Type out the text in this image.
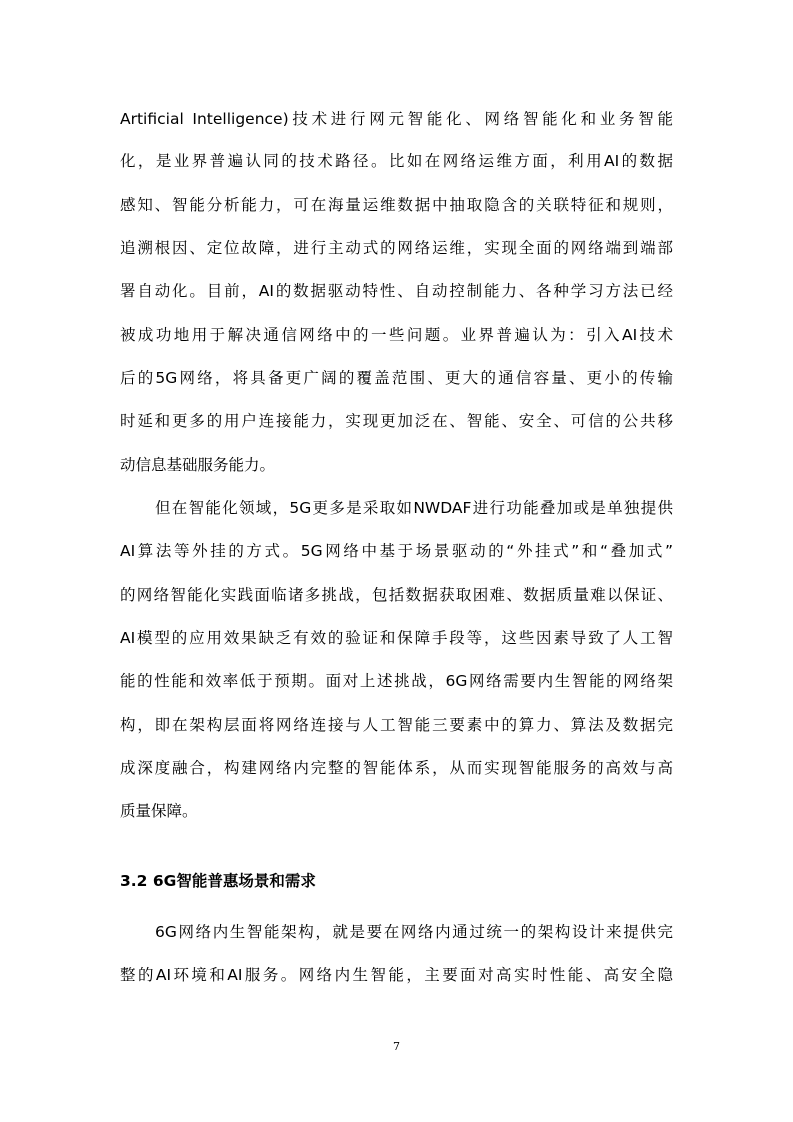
Artificial Intelligence)技术进行网元智能化、网络智能化和业务智能
化，是业界普遍认同的技术路径。比如在网络运维方面，利用AI的数据
感知、智能分析能力，可在海量运维数据中抽取隐含的关联特征和规则，
追溯根因、定位故障，进行主动式的网络运维，实现全面的网络端到端部
署自动化。目前，AI的数据驱动特性、自动控制能力、各种学习方法已经
被成功地用于解决通信网络中的一些问题。业界普遍认为：引入AI技术
后的5G网络，将具备更广阔的覆盖范围、更大的通信容量、更小的传输
时延和更多的用户连接能力，实现更加泛在、智能、安全、可信的公共移
动信息基础服务能力。
但在智能化领域，5G更多是采取如NWDAF进行功能叠加或是单独提供
AI算法等外挂的方式。5G网络中基于场景驱动的“外挂式”和“叠加式”
的网络智能化实践面临诸多挑战，包括数据获取困难、数据质量难以保证、
AI模型的应用效果缺乏有效的验证和保障手段等，这些因素导致了人工智
能的性能和效率低于预期。面对上述挑战，6G网络需要内生智能的网络架
构，即在架构层面将网络连接与人工智能三要素中的算力、算法及数据完
成深度融合，构建网络内完整的智能体系，从而实现智能服务的高效与高
质量保障。
3.2 6G智能普惠场景和需求
6G网络内生智能架构，就是要在网络内通过统一的架构设计来提供完
整的AI环境和AI服务。网络内生智能，主要面对高实时性能、高安全隐
7
